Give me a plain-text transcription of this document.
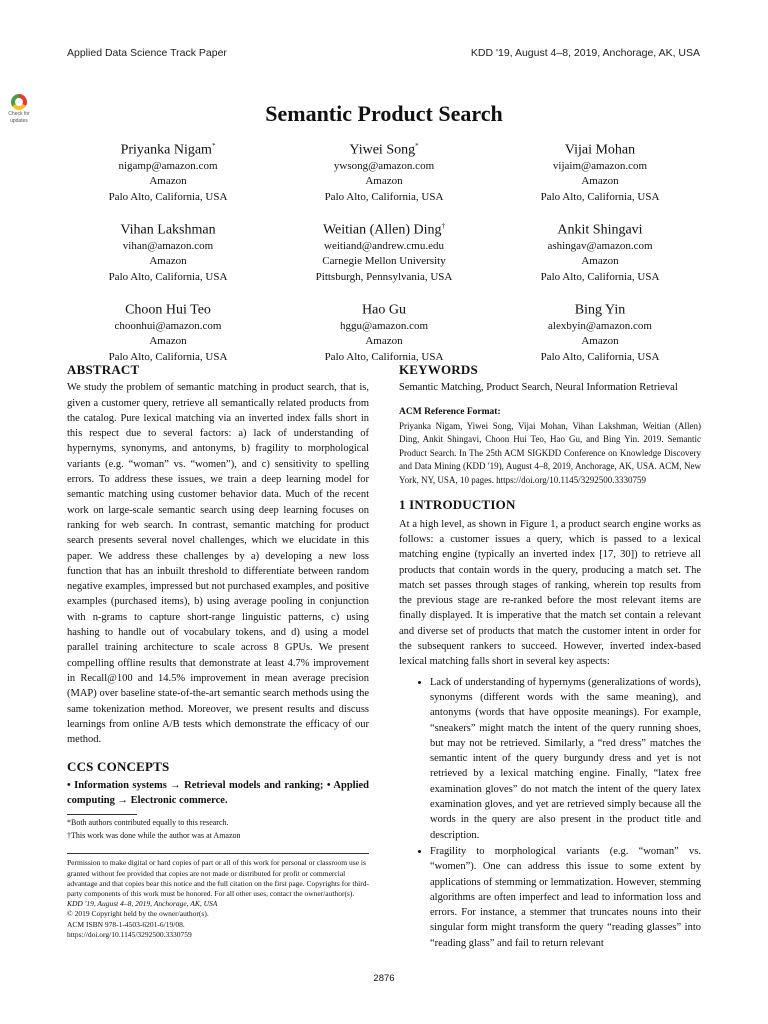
Applied Data Science Track Paper	KDD '19, August 4–8, 2019, Anchorage, AK, USA
Check for
updates	Semantic Product Search
Priyanka Nigam*
nigamp@amazon.com
Amazon
Palo Alto, California, USA
Yiwei Song*
ywsong@amazon.com
Amazon
Palo Alto, California, USA
Vijai Mohan
vijaim@amazon.com
Amazon
Palo Alto, California, USA
Vihan Lakshman
vihan@amazon.com
Amazon
Palo Alto, California, USA
Weitian (Allen) Ding†
weitiand@andrew.cmu.edu
Carnegie Mellon University
Pittsburgh, Pennsylvania, USA
Ankit Shingavi
ashingav@amazon.com
Amazon
Palo Alto, California, USA
Choon Hui Teo
choonhui@amazon.com
Amazon
Palo Alto, California, USA
Hao Gu
hggu@amazon.com
Amazon
Palo Alto, California, USA
Bing Yin
alexbyin@amazon.com
Amazon
Palo Alto, California, USA
ABSTRACT

We study the problem of semantic matching in product search, that is, given a customer query, retrieve all semantically related products from the catalog. Pure lexical matching via an inverted index falls short in this respect due to several factors: a) lack of understanding of hypernyms, synonyms, and antonyms, b) fragility to morphological variants (e.g. “woman” vs. “women”), and c) sensitivity to spelling errors. To address these issues, we train a deep learning model for semantic matching using customer behavior data. Much of the recent work on large-scale semantic search using deep learning focuses on ranking for web search. In contrast, semantic matching for product search presents several novel challenges, which we elucidate in this paper. We address these challenges by a) developing a new loss function that has an inbuilt threshold to differentiate between random negative examples, impressed but not purchased examples, and positive examples (purchased items), b) using average pooling in conjunction with n-grams to capture short-range linguistic patterns, c) using hashing to handle out of vocabulary tokens, and d) using a model parallel training architecture to scale across 8 GPUs. We present compelling offline results that demonstrate at least 4.7% improvement in Recall@100 and 14.5% improvement in mean average precision (MAP) over baseline state-of-the-art semantic search methods using the same tokenization method. Moreover, we present results and discuss learnings from online A/B tests which demonstrate the efficacy of our method.

CCS CONCEPTS

• Information systems → Retrieval models and ranking; • Applied computing → Electronic commerce.

*Both authors contributed equally to this research.

†This work was done while the author was at Amazon

Permission to make digital or hard copies of part or all of this work for personal or classroom use is granted without fee provided that copies are not made or distributed for profit or commercial advantage and that copies bear this notice and the full citation on the first page. Copyrights for third-party components of this work must be honored. For all other uses, contact the owner/author(s).

KDD '19, August 4–8, 2019, Anchorage, AK, USA

© 2019 Copyright held by the owner/author(s).

ACM ISBN 978-1-4503-6201-6/19/08.

https://doi.org/10.1145/3292500.3330759

KEYWORDS

Semantic Matching, Product Search, Neural Information Retrieval

ACM Reference Format:

Priyanka Nigam, Yiwei Song, Vijai Mohan, Vihan Lakshman, Weitian (Allen) Ding, Ankit Shingavi, Choon Hui Teo, Hao Gu, and Bing Yin. 2019. Semantic Product Search. In The 25th ACM SIGKDD Conference on Knowledge Discovery and Data Mining (KDD '19), August 4–8, 2019, Anchorage, AK, USA. ACM, New York, NY, USA, 10 pages. https://doi.org/10.1145/3292500.3330759

1 INTRODUCTION

At a high level, as shown in Figure 1, a product search engine works as follows: a customer issues a query, which is passed to a lexical matching engine (typically an inverted index [17, 30]) to retrieve all products that contain words in the query, producing a match set. The match set passes through stages of ranking, wherein top results from the previous stage are re-ranked before the most relevant items are finally displayed. It is imperative that the match set contain a relevant and diverse set of products that match the customer intent in order for the subsequent rankers to succeed. However, inverted index-based lexical matching falls short in several key aspects:

• Lack of understanding of hypernyms (generalizations of words), synonyms (different words with the same meaning), and antonyms (words that have opposite meanings). For example, “sneakers” might match the intent of the query running shoes, but may not be retrieved. Similarly, a “red dress” matches the semantic intent of the query burgundy dress and yet is not retrieved by a lexical matching engine. Finally, “latex free examination gloves” do not match the intent of the query latex examination gloves, and yet are retrieved simply because all the words in the query are also present in the product title and description.
• Fragility to morphological variants (e.g. “woman” vs. “women”). One can address this issue to some extent by applications of stemming or lemmatization. However, stemming algorithms are often imperfect and lead to information loss and errors. For instance, a stemmer that truncates nouns into their singular form might transform the query “reading glasses” into “reading glass” and fail to return relevant
2876
